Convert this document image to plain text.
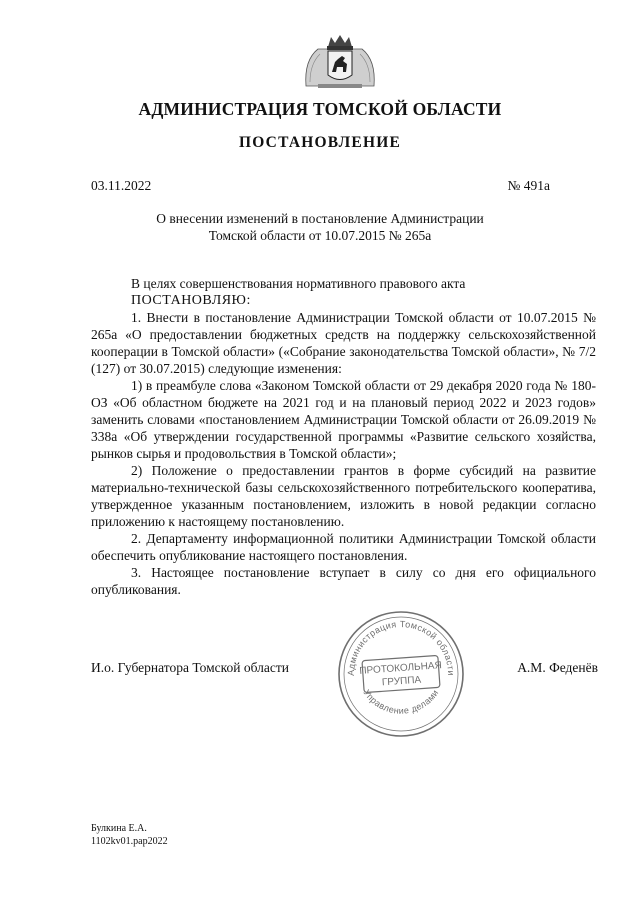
АДМИНИСТРАЦИЯ ТОМСКОЙ ОБЛАСТИ
ПОСТАНОВЛЕНИЕ
03.11.2022	№ 491а
О внесении изменений в постановление Администрации
Томской области от 10.07.2015 № 265а
В целях совершенствования нормативного правового акта
ПОСТАНОВЛЯЮ:

1. Внести в постановление Администрации Томской области от 10.07.2015 № 265а «О предоставлении бюджетных средств на поддержку сельскохозяйственной кооперации в Томской области» («Собрание законодательства Томской области», № 7/2 (127) от 30.07.2015) следующие изменения:

1) в преамбуле слова «Законом Томской области от 29 декабря 2020 года № 180-ОЗ «Об областном бюджете на 2021 год и на плановый период 2022 и 2023 годов» заменить словами «постановлением Администрации Томской области от 26.09.2019 № 338а «Об утверждении государственной программы «Развитие сельского хозяйства, рынков сырья и продовольствия в Томской области»;

2) Положение о предоставлении грантов в форме субсидий на развитие материально-технической базы сельскохозяйственного потребительского кооператива, утвержденное указанным постановлением, изложить в новой редакции согласно приложению к настоящему постановлению.

2. Департаменту информационной политики Администрации Томской области обеспечить опубликование настоящего постановления.

3. Настоящее постановление вступает в силу со дня его официального опубликования.

И.о. Губернатора Томской области	А.М. Феденёв
Администрация Томской области
Управление делами
ПРОТОКОЛЬНАЯ
ГРУППА
Булкина Е.А.
1102kv01.pap2022
